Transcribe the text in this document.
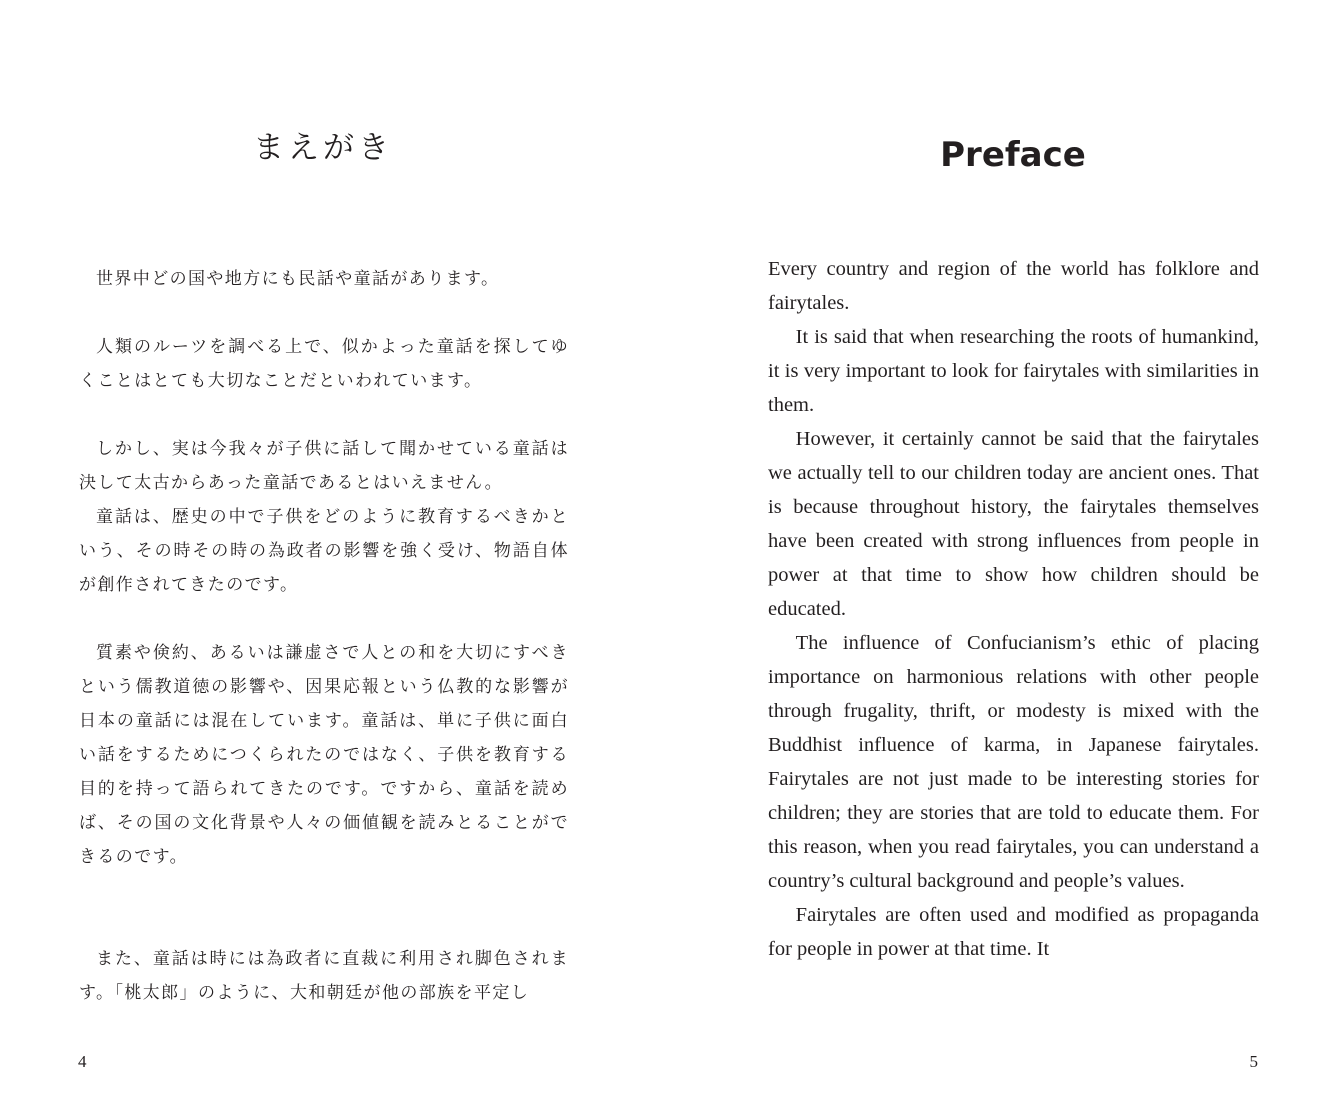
まえがき

世界中どの国や地方にも民話や童話があります。

人類のルーツを調べる上で、似かよった童話を探してゆくことはとても大切なことだといわれています。

しかし、実は今我々が子供に話して聞かせている童話は決して太古からあった童話であるとはいえません。

童話は、歴史の中で子供をどのように教育するべきかという、その時その時の為政者の影響を強く受け、物語自体が創作されてきたのです。

質素や倹約、あるいは謙虚さで人との和を大切にすべきという儒教道徳の影響や、因果応報という仏教的な影響が日本の童話には混在しています。童話は、単に子供に面白い話をするためにつくられたのではなく、子供を教育する目的を持って語られてきたのです。ですから、童話を読めば、その国の文化背景や人々の価値観を読みとることができるのです。

また、童話は時には為政者に直裁に利用され脚色されます。「桃太郎」のように、大和朝廷が他の部族を平定し

4
Preface

Every country and region of the world has folklore and fairytales.

It is said that when researching the roots of humankind, it is very important to look for fairytales with similarities in them.

However, it certainly cannot be said that the fairytales we actually tell to our children today are ancient ones. That is because throughout history, the fairytales themselves have been created with strong influences from people in power at that time to show how children should be educated.

The influence of Confucianism’s ethic of placing importance on harmonious relations with other people through frugality, thrift, or modesty is mixed with the Buddhist influence of karma, in Japanese fairytales. Fairytales are not just made to be interesting stories for children; they are stories that are told to educate them. For this reason, when you read fairytales, you can understand a country’s cultural background and people’s values.

Fairytales are often used and modified as propaganda for people in power at that time. It

5
